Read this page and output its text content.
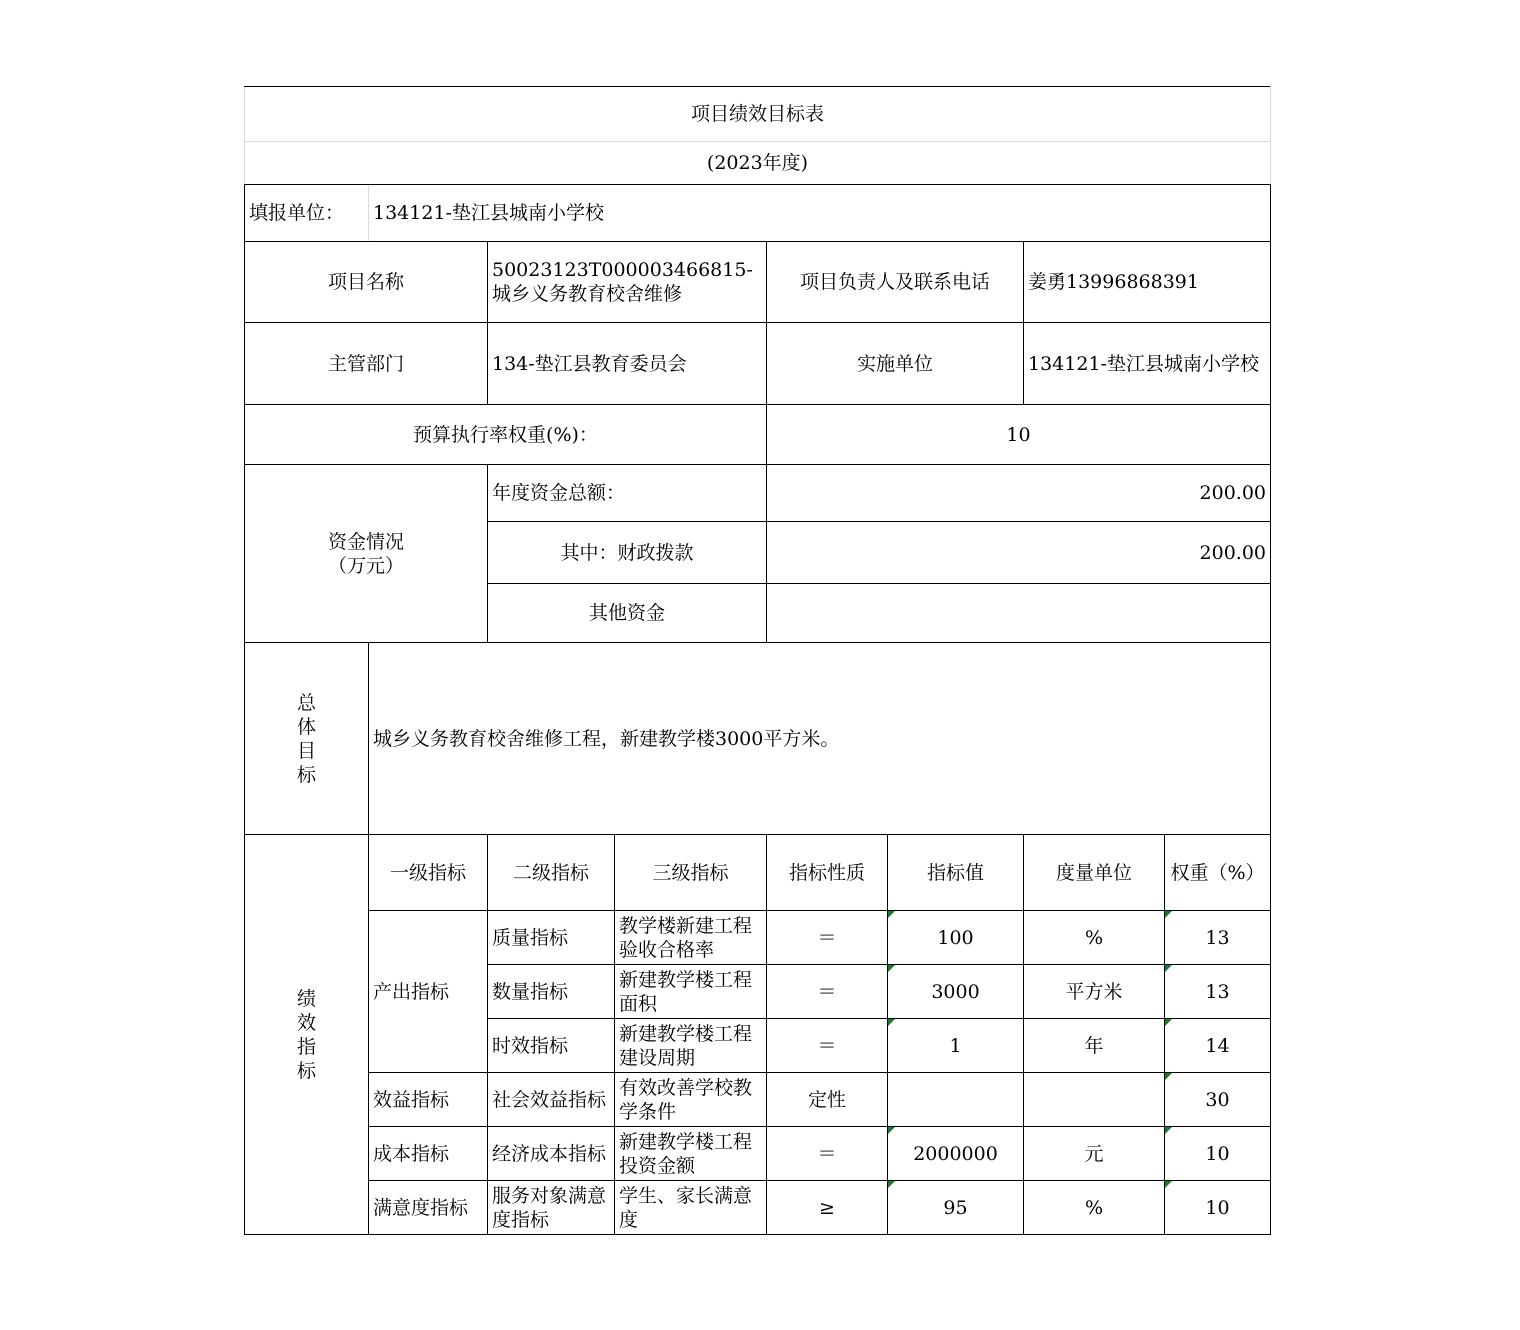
项目绩效目标表							
(2023年度)							
填报单位：	134121-垫江县城南小学校						
项目名称		50023123T000003466815-城乡义务教育校舍维修		项目负责人及联系电话		姜勇13996868391	
主管部门		134-垫江县教育委员会		实施单位		134121-垫江县城南小学校	
预算执行率权重(%)：				10			

资金情况
（万元）		年度资金总额：		200.00			
		其中：财政拨款		200.00			
		其他资金					
总体目标	城乡义务教育校舍维修工程，新建教学楼3000平方米。						
绩效指标	一级指标	二级指标	三级指标	指标性质	指标值	度量单位	权重（%）
	产出指标	质量指标	教学楼新建工程验收合格率	＝	100	%	13
		数量指标	新建教学楼工程面积	＝	3000	平方米	13
		时效指标	新建教学楼工程建设周期	＝	1	年	14
	效益指标	社会效益指标	有效改善学校教学条件	定性			30
	成本指标	经济成本指标	新建教学楼工程投资金额	＝	2000000	元	10
	满意度指标	服务对象满意度指标	学生、家长满意度	≥	95	%	10
